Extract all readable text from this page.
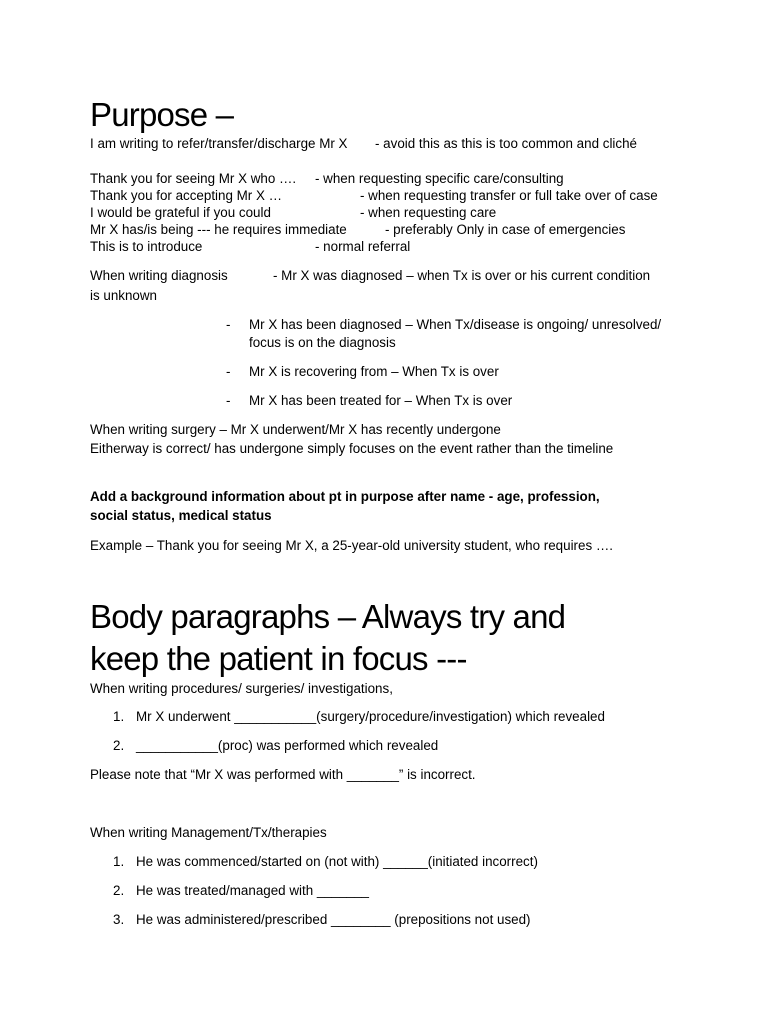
Purpose –
I am writing to refer/transfer/discharge Mr X - avoid this as this is too common and cliché
Thank you for seeing Mr X who …. - when requesting specific care/consulting
Thank you for accepting Mr X …	- when requesting transfer or full take over of case
I would be grateful if you could	- when requesting care
Mr X has/is being --- he requires immediate	- preferably Only in case of emergencies
This is to introduce	- normal referral
When writing diagnosis	- Mr X was diagnosed – when Tx is over or his current condition
is unknown
- Mr X has been diagnosed – When Tx/disease is ongoing/ unresolved/
focus is on the diagnosis
- Mr X is recovering from – When Tx is over
- Mr X has been treated for – When Tx is over
When writing surgery – Mr X underwent/Mr X has recently undergone
Eitherway is correct/ has undergone simply focuses on the event rather than the timeline
Add a background information about pt in purpose after name - age, profession,
social status, medical status
Example – Thank you for seeing Mr X, a 25-year-old university student, who requires ….
Body paragraphs – Always try and
keep the patient in focus ---
When writing procedures/ surgeries/ investigations,
1. Mr X underwent ___________(surgery/procedure/investigation) which revealed
2. ___________(proc) was performed which revealed
Please note that “Mr X was performed with _______” is incorrect.
When writing Management/Tx/therapies
1. He was commenced/started on (not with) ______(initiated incorrect)
2. He was treated/managed with _______
3. He was administered/prescribed ________ (prepositions not used)
